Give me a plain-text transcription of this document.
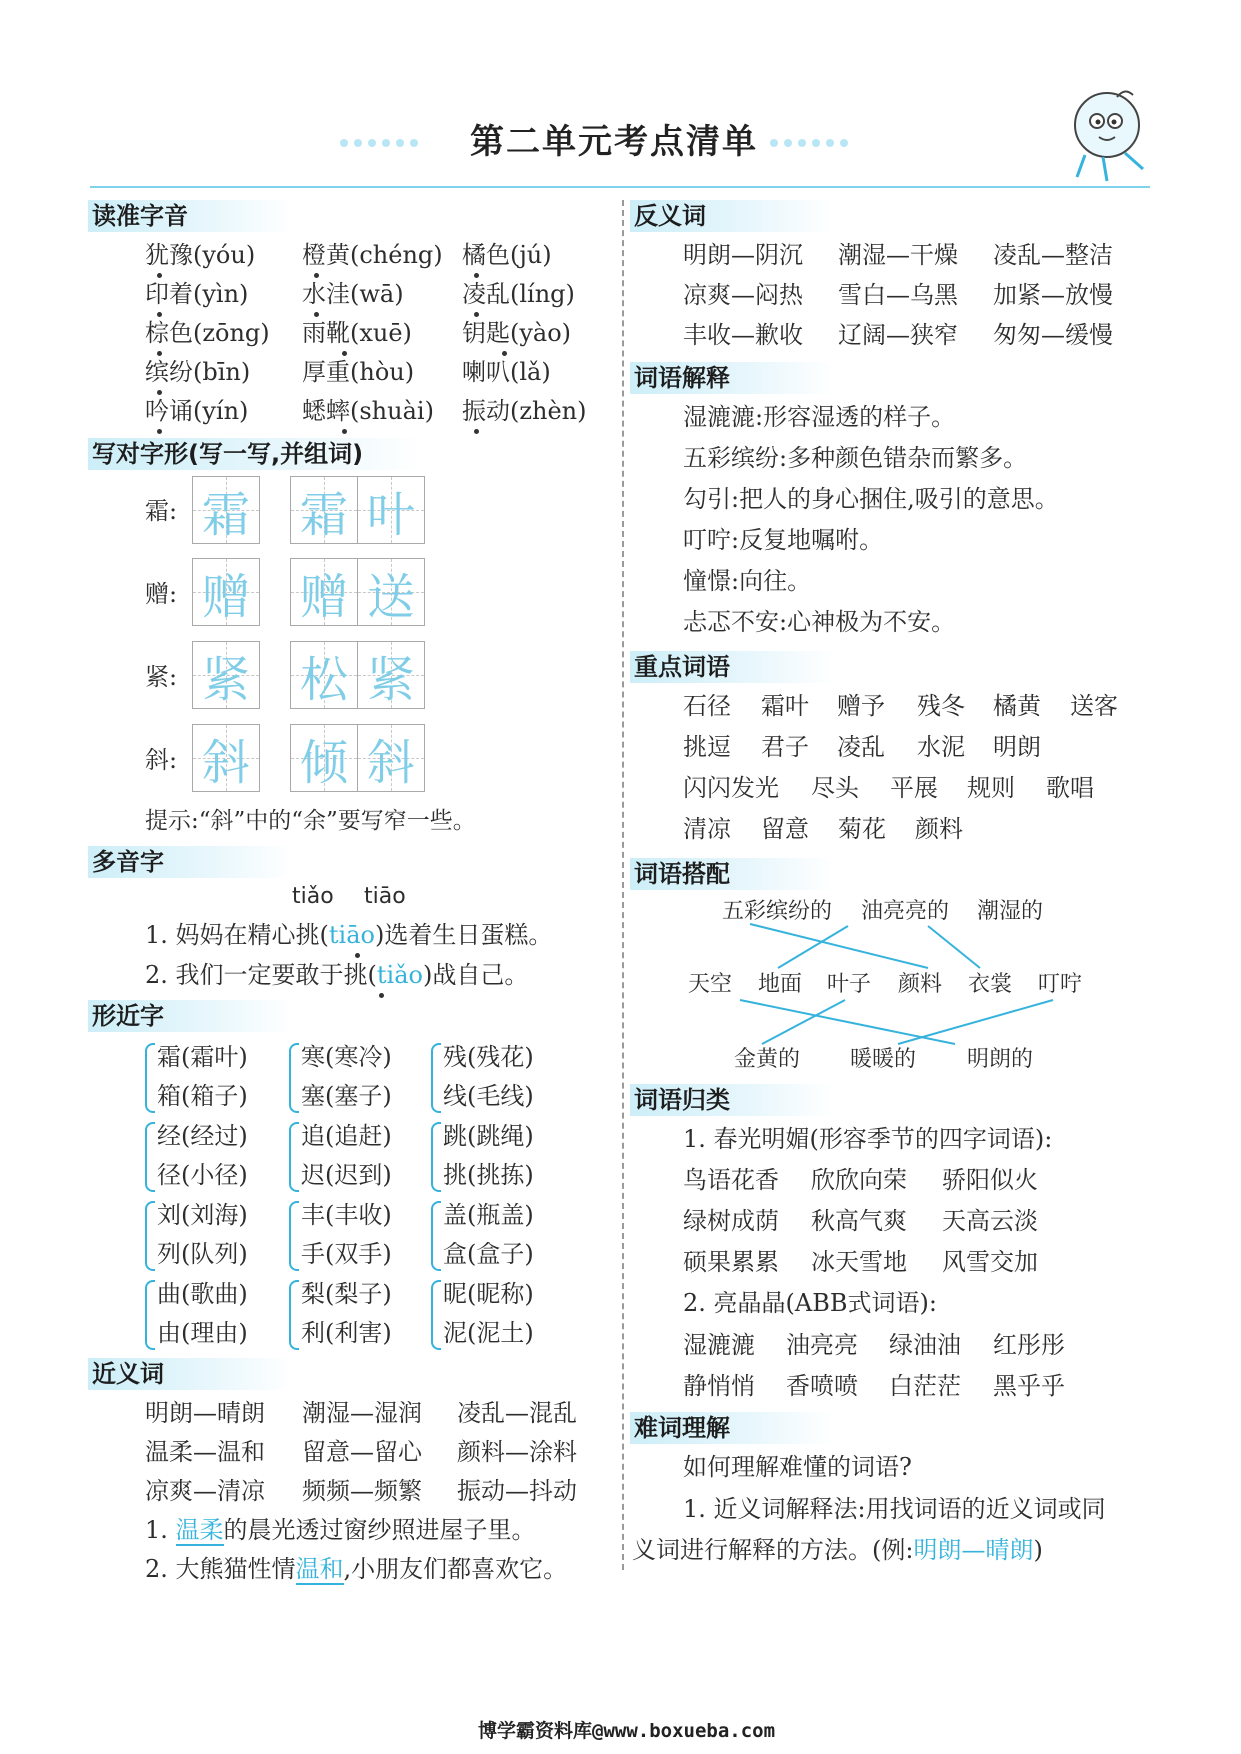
第二单元考点清单
读准字音
犹豫(yóu) 橙黄(chéng) 橘色(jú)
印着(yìn) 水洼(wā) 凌乱(líng)
棕色(zōng) 雨靴(xuē) 钥匙(yào)
缤纷(bīn) 厚重(hòu) 喇叭(lǎ)
吟诵(yín) 蟋蟀(shuài) 振动(zhèn)
写对字形(写一写,并组词)
霜: 霜 霜 叶
赠: 赠 赠 送
紧: 紧 松 紧
斜: 斜 倾 斜
提示:“斜”中的“余”要写窄一些。
多音字
tiǎo tiāo
1. 妈妈在精心挑(tiāo)选着生日蛋糕。
2. 我们一定要敢于挑(tiǎo)战自己。
形近字
霜(霜叶)
箱(箱子)
寒(寒冷)
塞(塞子)
残(残花)
线(毛线)
经(经过)
径(小径)
追(追赶)
迟(迟到)
跳(跳绳)
挑(挑拣)
刘(刘海)
列(队列)
丰(丰收)
手(双手)
盖(瓶盖)
盒(盒子)
曲(歌曲)
由(理由)
梨(梨子)
利(利害)
昵(昵称)
泥(泥土)
近义词
明朗—晴朗 潮湿—湿润 凌乱—混乱
温柔—温和 留意—留心 颜料—涂料
凉爽—清凉 频频—频繁 振动—抖动
1. 温柔的晨光透过窗纱照进屋子里。
2. 大熊猫性情温和,小朋友们都喜欢它。
反义词
明朗—阴沉 潮湿—干燥 凌乱—整洁
凉爽—闷热 雪白—乌黑 加紧—放慢
丰收—歉收 辽阔—狭窄 匆匆—缓慢
词语解释
湿漉漉:形容湿透的样子。
五彩缤纷:多种颜色错杂而繁多。
勾引:把人的身心捆住,吸引的意思。
叮咛:反复地嘱咐。
憧憬:向往。
忐忑不安:心神极为不安。
重点词语
石径 霜叶 赠予 残冬 橘黄 送客
挑逗 君子 凌乱 水泥 明朗
闪闪发光 尽头 平展 规则 歌唱
清凉 留意 菊花 颜料
词语搭配
五彩缤纷的 油亮亮的 潮湿的
天空 地面 叶子 颜料 衣裳 叮咛
金黄的 暖暖的 明朗的
词语归类
1. 春光明媚(形容季节的四字词语):
鸟语花香 欣欣向荣 骄阳似火
绿树成荫 秋高气爽 天高云淡
硕果累累 冰天雪地 风雪交加
2. 亮晶晶(ABB式词语):
湿漉漉 油亮亮 绿油油 红彤彤
静悄悄 香喷喷 白茫茫 黑乎乎
难词理解
如何理解难懂的词语?
1. 近义词解释法:用找词语的近义词或同
义词进行解释的方法。(例:明朗—晴朗)
博学霸资料库@www.boxueba.com
